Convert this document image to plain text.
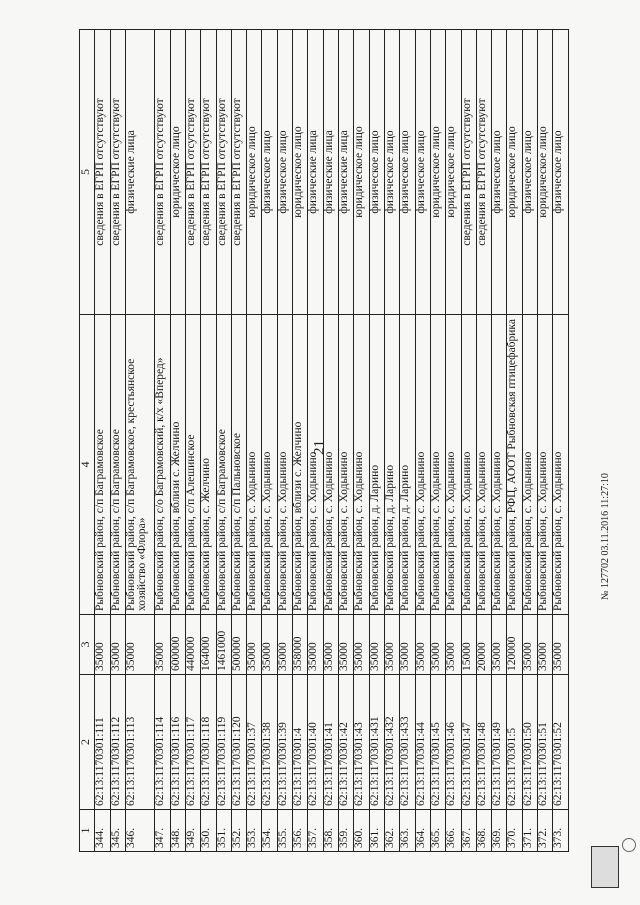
21
1	2	3	4	5
344.	62:13:1170301:111	35000	Рыбновский район, с/п Багрaмовское	сведения в ЕГРП отсутствуют
345.	62:13:1170301:112	35000	Рыбновский район, с/п Багрaмовское	сведения в ЕГРП отсутствуют
346.	62:13:1170301:113	35000	Рыбновский район, с/п Багрaмовское, крестьянское хозяйство «Флора»	физические лица
347.	62:13:1170301:114	35000	Рыбновский район, с/о Багрaмовский, к/х «Вперед»	сведения в ЕГРП отсутствуют
348.	62:13:1170301:116	600000	Рыбновский район, вблизи с. Желчино	юридическое лицо
349.	62:13:1170301:117	440000	Рыбновский район, с/п Алешинское	сведения в ЕГРП отсутствуют
350.	62:13:1170301:118	164000	Рыбновский район, с. Желчино	сведения в ЕГРП отсутствуют
351.	62:13:1170301:119	1461000	Рыбновский район, с/п Багрaмовское	сведения в ЕГРП отсутствуют
352.	62:13:1170301:120	500000	Рыбновский район, с/п Пальновское	сведения в ЕГРП отсутствуют
353.	62:13:1170301:37	35000	Рыбновский район, с. Ходынино	юридическое лицо
354.	62:13:1170301:38	35000	Рыбновский район, с. Ходынино	физическое лицо
355.	62:13:1170301:39	35000	Рыбновский район, с. Ходынино	физическое лицо
356.	62:13:1170301:4	358000	Рыбновский район, вблизи с. Желчино	юридическое лицо
357.	62:13:1170301:40	35000	Рыбновский район, с. Ходынино	физические лица
358.	62:13:1170301:41	35000	Рыбновский район, с. Ходынино	физические лица
359.	62:13:1170301:42	35000	Рыбновский район, с. Ходынино	физические лица
360.	62:13:1170301:43	35000	Рыбновский район, с. Ходынино	юридическое лицо
361.	62:13:1170301:431	35000	Рыбновский район, д. Ларино	физическое лицо
362.	62:13:1170301:432	35000	Рыбновский район, д. Ларино	физическое лицо
363.	62:13:1170301:433	35000	Рыбновский район, д. Ларино	физическое лицо
364.	62:13:1170301:44	35000	Рыбновский район, с. Ходынино	физическое лицо
365.	62:13:1170301:45	35000	Рыбновский район, с. Ходынино	юридическое лицо
366.	62:13:1170301:46	35000	Рыбновский район, с. Ходынино	юридическое лицо
367.	62:13:1170301:47	15000	Рыбновский район, с. Ходынино	сведения в ЕГРП отсутствуют
368.	62:13:1170301:48	20000	Рыбновский район, с. Ходынино	сведения в ЕГРП отсутствуют
369.	62:13:1170301:49	35000	Рыбновский район, с. Ходынино	физическое лицо
370.	62:13:1170301:5	120000	Рыбновский район, РФЦ, АООТ Рыбновская птицефабрика	юридическое лицо
371.	62:13:1170301:50	35000	Рыбновский район, с. Ходынино	физическое лицо
372.	62:13:1170301:51	35000	Рыбновский район, с. Ходынино	юридическое лицо
373.	62:13:1170301:52	35000	Рыбновский район, с. Ходынино	физическое лицо
№ 127702 03.11.2016 11:27:10
